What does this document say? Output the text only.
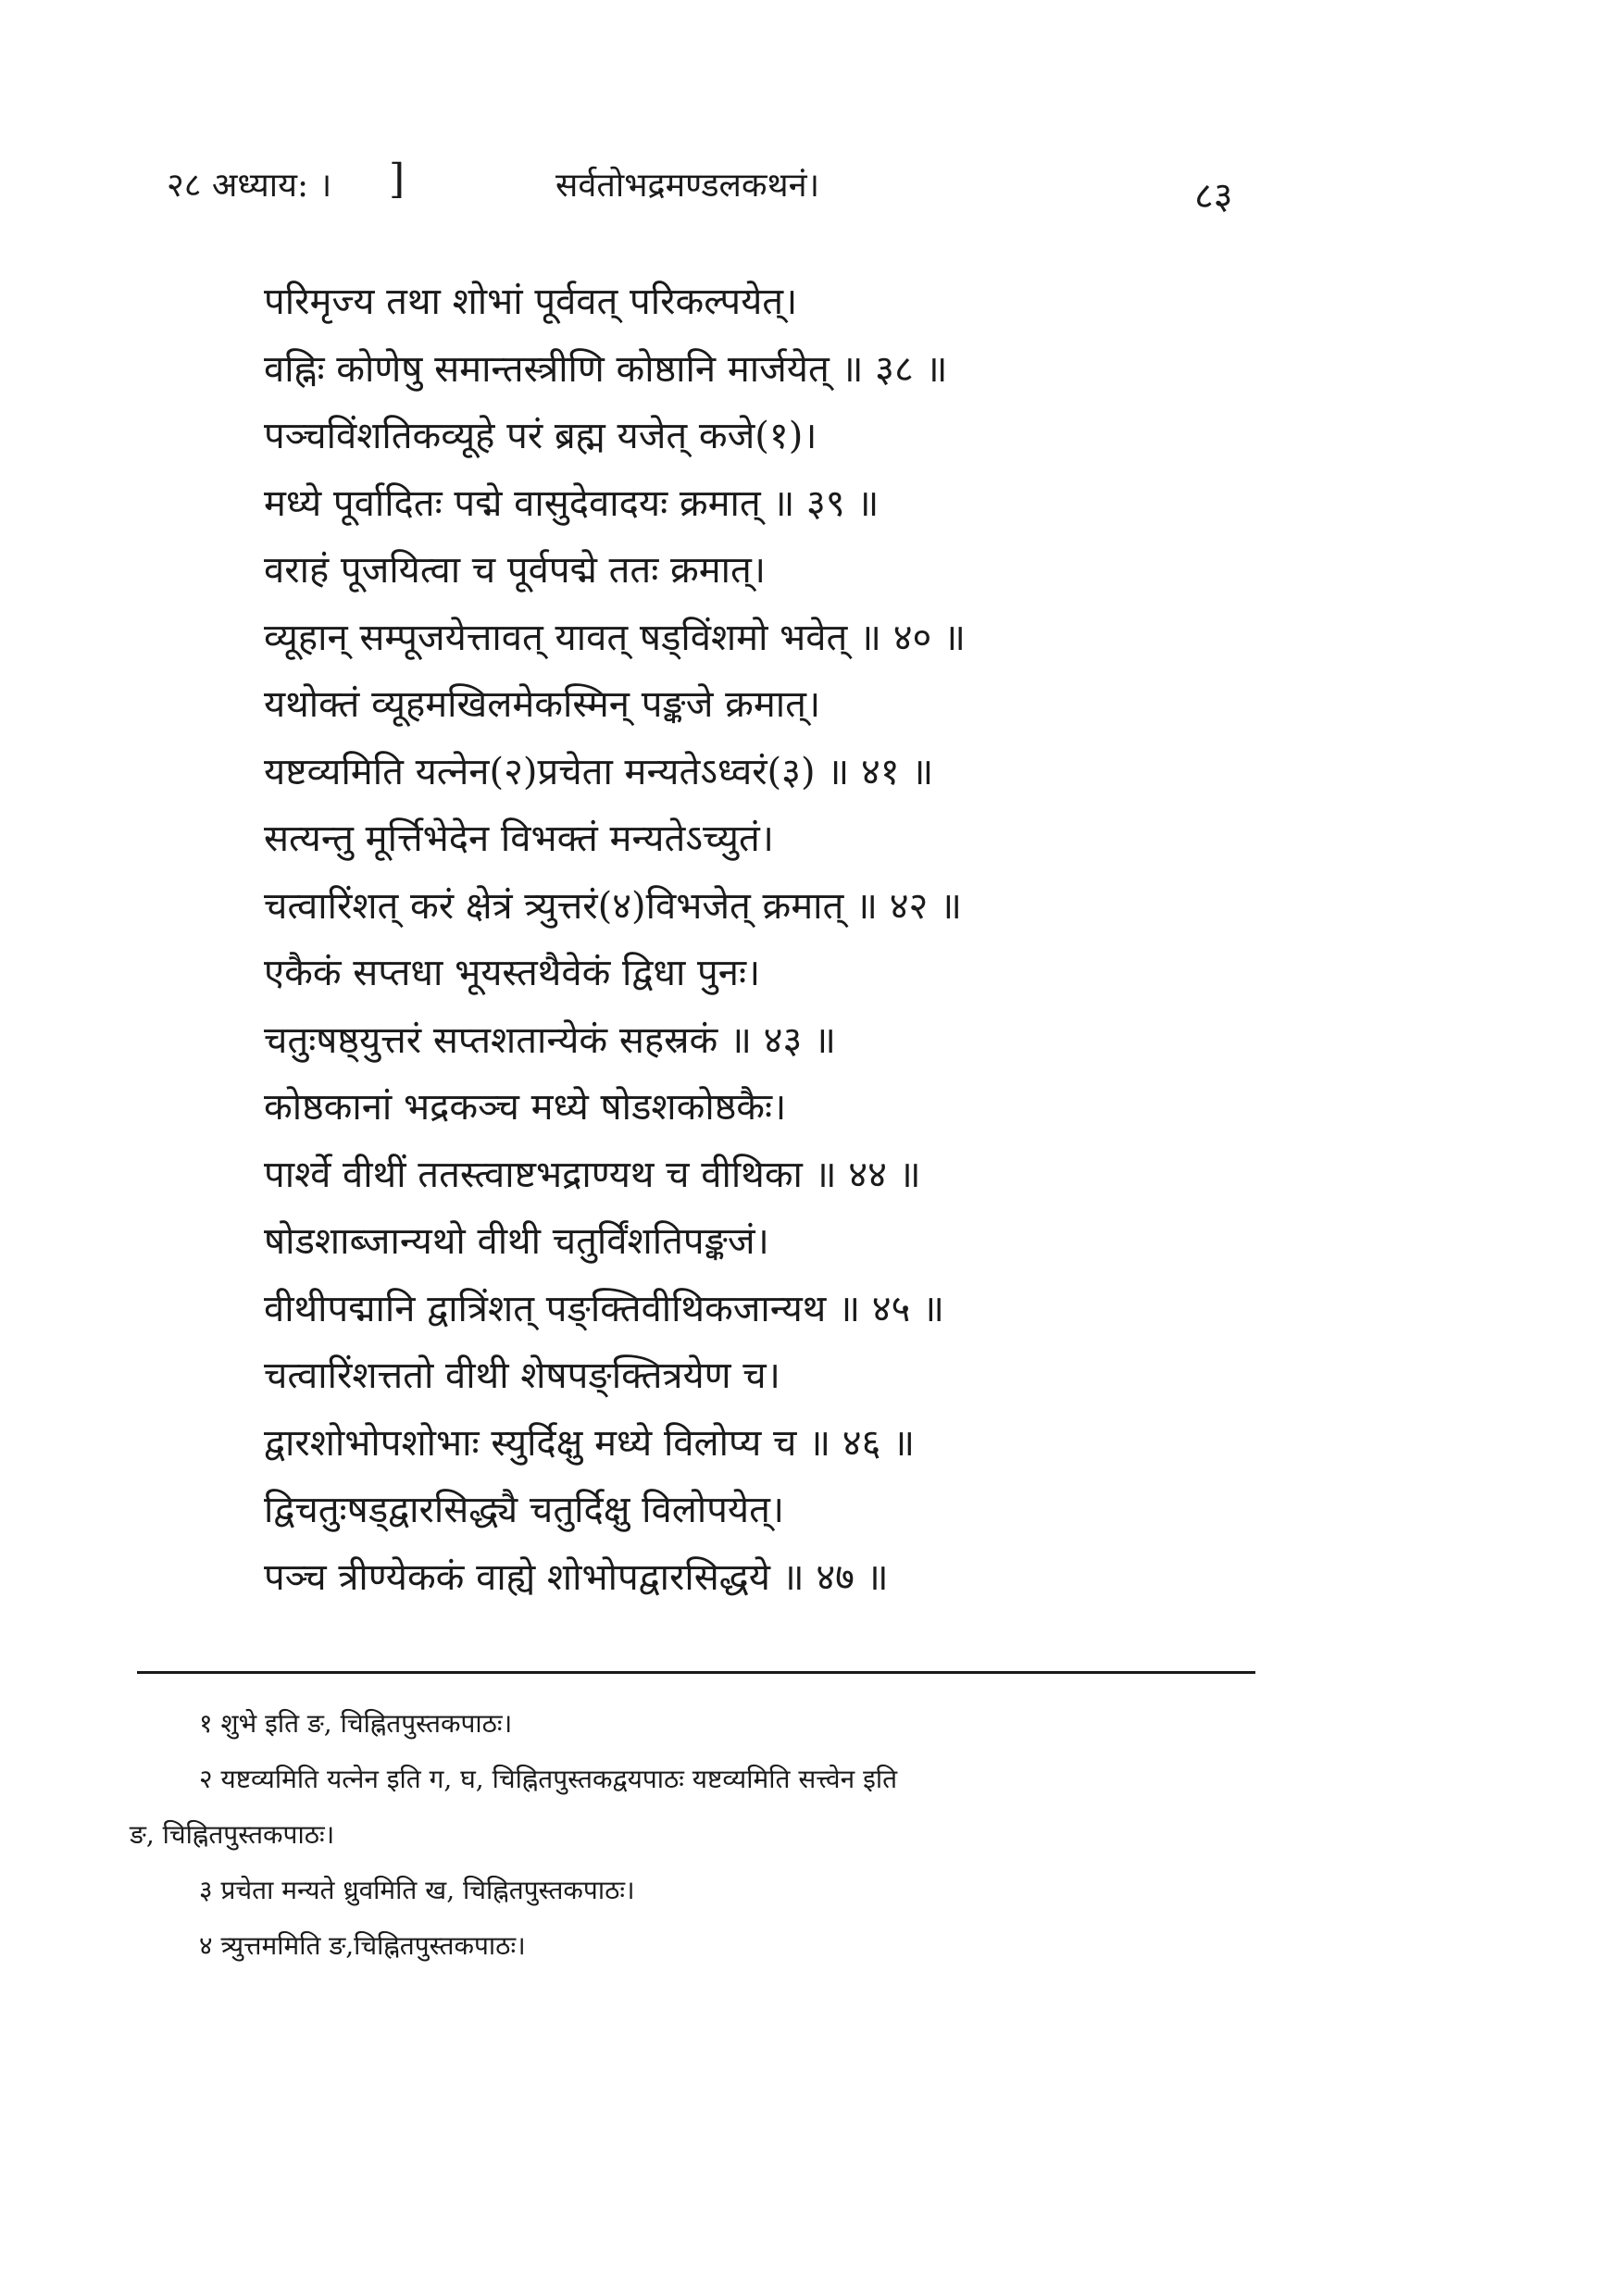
२८ अध्याय: । ]	सर्वतोभद्रमण्डलकथनं।	८३
परिमृज्य तथा शोभां पूर्ववत् परिकल्पयेत्।
वह्निः कोणेषु समान्तस्त्रीणि कोष्ठानि मार्जयेत् ॥ ३८ ॥
पञ्चविंशतिकव्यूहे परं ब्रह्म यजेत् कजे(१)।
मध्ये पूर्वादितः पद्मे वासुदेवादयः क्रमात् ॥ ३९ ॥
वराहं पूजयित्वा च पूर्वपद्मे ततः क्रमात्।
व्यूहान् सम्पूजयेत्तावत् यावत् षड्विंशमो भवेत् ॥ ४० ॥
यथोक्तं व्यूहमखिलमेकस्मिन् पङ्कजे क्रमात्।
यष्टव्यमिति यत्नेन(२)प्रचेता मन्यतेऽध्वरं(३) ॥ ४१ ॥
सत्यन्तु मूर्त्तिभेदेन विभक्तं मन्यतेऽच्युतं।
चत्वारिंशत् करं क्षेत्रं त्र्युत्तरं(४)विभजेत् क्रमात् ॥ ४२ ॥
एकैकं सप्तधा भूयस्तथैवेकं द्विधा पुनः।
चतुःषष्ठ्युत्तरं सप्तशतान्येकं सहस्रकं ॥ ४३ ॥
कोष्ठकानां भद्रकञ्च मध्ये षोडशकोष्ठकैः।
पार्श्वे वीथीं ततस्त्वाष्टभद्राण्यथ च वीथिका ॥ ४४ ॥
षोडशाब्जान्यथो वीथी चतुर्विंशतिपङ्कजं।
वीथीपद्मानि द्वात्रिंशत् पङ्क्तिवीथिकजान्यथ ॥ ४५ ॥
चत्वारिंशत्ततो वीथी शेषपङ्क्तित्रयेण च।
द्वारशोभोपशोभाः स्युर्दिक्षु मध्ये विलोप्य च ॥ ४६ ॥
द्विचतुःषड्द्वारसिद्ध्यै चतुर्दिक्षु विलोपयेत्।
पञ्च त्रीण्येककं वाह्ये शोभोपद्वारसिद्धये ॥ ४७ ॥
१ शुभे इति ङ, चिह्नितपुस्तकपाठः।
२ यष्टव्यमिति यत्नेन इति ग, घ, चिह्नितपुस्तकद्वयपाठः यष्टव्यमिति सत्त्वेन इति
ङ, चिह्नितपुस्तकपाठः।
३ प्रचेता मन्यते ध्रुवमिति ख, चिह्नितपुस्तकपाठः।
४ त्र्युत्तममिति ङ,चिह्नितपुस्तकपाठः।
